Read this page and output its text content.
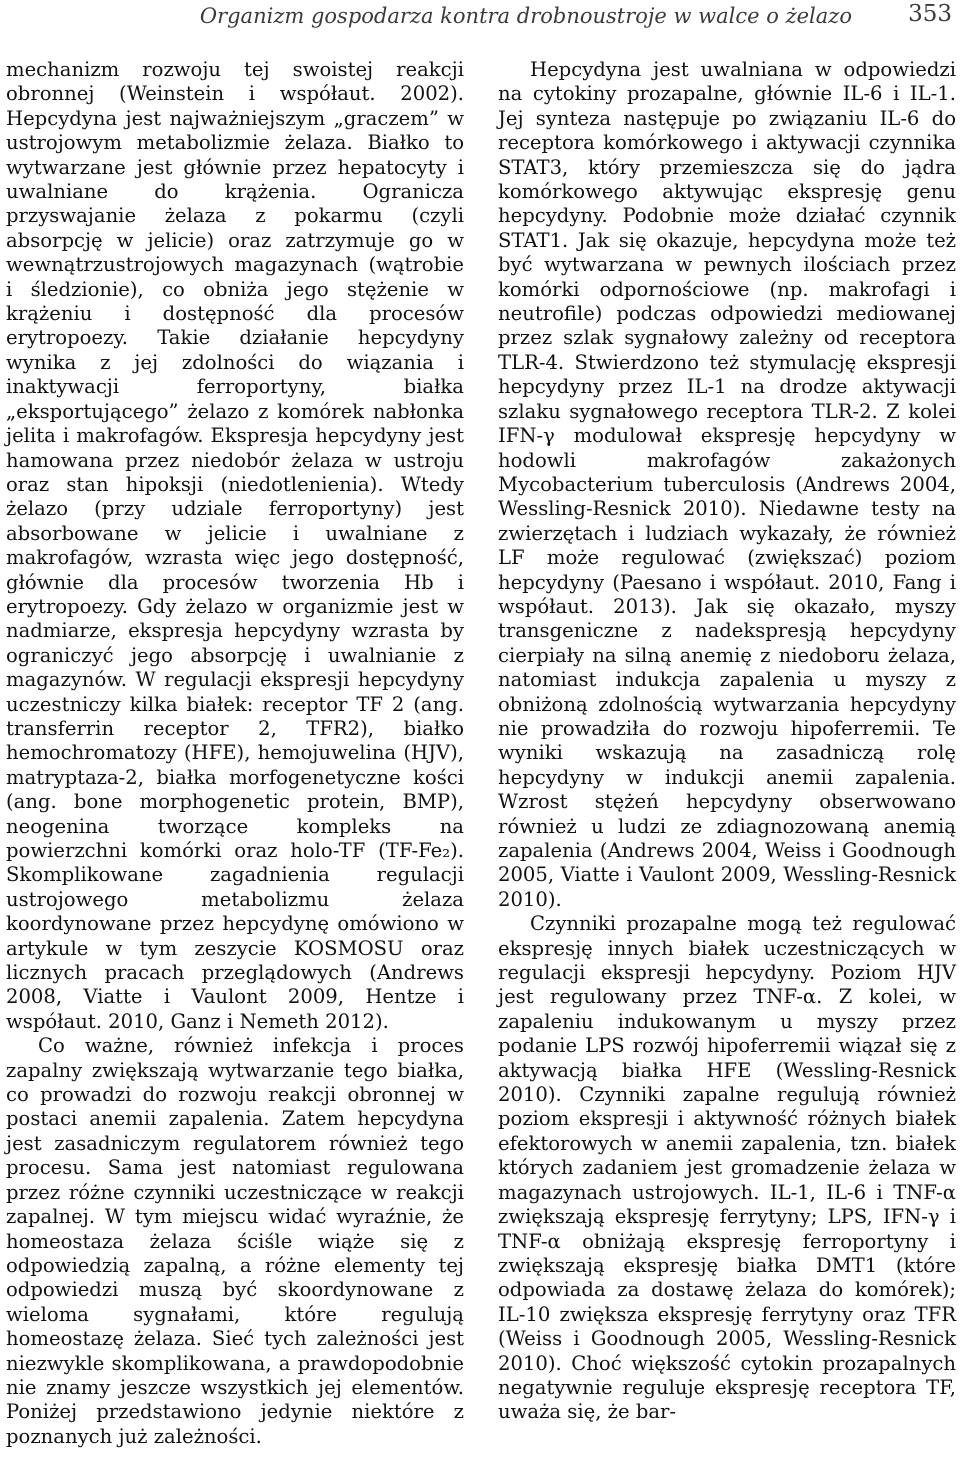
Organizm gospodarza kontra drobnoustroje w walce o żelazo 353

mechanizm rozwoju tej swoistej reakcji obronnej (Weinstein i współaut. 2002). Hepcydyna jest najważniejszym „graczem” w ustrojowym metabolizmie żelaza. Białko to wytwarzane jest głównie przez hepatocyty i uwalniane do krążenia. Ogranicza przyswajanie żelaza z pokarmu (czyli absorpcję w jelicie) oraz zatrzymuje go w wewnątrzustrojowych magazynach (wątrobie i śledzionie), co obniża jego stężenie w krążeniu i dostępność dla procesów erytropoezy. Takie działanie hepcydyny wynika z jej zdolności do wiązania i inaktywacji ferroportyny, białka „eksportującego” żelazo z komórek nabłonka jelita i makrofagów. Ekspresja hepcydyny jest hamowana przez niedobór żelaza w ustroju oraz stan hipoksji (niedotlenienia). Wtedy żelazo (przy udziale ferroportyny) jest absorbowane w jelicie i uwalniane z makrofagów, wzrasta więc jego dostępność, głównie dla procesów tworzenia Hb i erytropoezy. Gdy żelazo w organizmie jest w nadmiarze, ekspresja hepcydyny wzrasta by ograniczyć jego absorpcję i uwalnianie z magazynów. W regulacji ekspresji hepcydyny uczestniczy kilka białek: receptor TF 2 (ang. transferrin receptor 2, TFR2), białko hemochromatozy (HFE), hemojuwelina (HJV), matryptaza-2, białka morfogenetyczne kości (ang. bone morphogenetic protein, BMP), neogenina tworzące kompleks na powierzchni komórki oraz holo-TF (TF-Fe₂). Skomplikowane zagadnienia regulacji ustrojowego metabolizmu żelaza koordynowane przez hepcydynę omówiono w artykule w tym zeszycie KOSMOSU oraz licznych pracach przeglądowych (Andrews 2008, Viatte i Vaulont 2009, Hentze i współaut. 2010, Ganz i Nemeth 2012).

Co ważne, również infekcja i proces zapalny zwiększają wytwarzanie tego białka, co prowadzi do rozwoju reakcji obronnej w postaci anemii zapalenia. Zatem hepcydyna jest zasadniczym regulatorem również tego procesu. Sama jest natomiast regulowana przez różne czynniki uczestniczące w reakcji zapalnej. W tym miejscu widać wyraźnie, że homeostaza żelaza ściśle wiąże się z odpowiedzią zapalną, a różne elementy tej odpowiedzi muszą być skoordynowane z wieloma sygnałami, które regulują homeostazę żelaza. Sieć tych zależności jest niezwykle skomplikowana, a prawdopodobnie nie znamy jeszcze wszystkich jej elementów. Poniżej przedstawiono jedynie niektóre z poznanych już zależności.

Hepcydyna jest uwalniana w odpowiedzi na cytokiny prozapalne, głównie IL-6 i IL-1. Jej synteza następuje po związaniu IL-6 do receptora komórkowego i aktywacji czynnika STAT3, który przemieszcza się do jądra komórkowego aktywując ekspresję genu hepcydyny. Podobnie może działać czynnik STAT1. Jak się okazuje, hepcydyna może też być wytwarzana w pewnych ilościach przez komórki odpornościowe (np. makrofagi i neutrofile) podczas odpowiedzi mediowanej przez szlak sygnałowy zależny od receptora TLR-4. Stwierdzono też stymulację ekspresji hepcydyny przez IL-1 na drodze aktywacji szlaku sygnałowego receptora TLR-2. Z kolei IFN-γ modulował ekspresję hepcydyny w hodowli makrofagów zakażonych Mycobacterium tuberculosis (Andrews 2004, Wessling-Resnick 2010). Niedawne testy na zwierzętach i ludziach wykazały, że również LF może regulować (zwiększać) poziom hepcydyny (Paesano i współaut. 2010, Fang i współaut. 2013). Jak się okazało, myszy transgeniczne z nadekspresją hepcydyny cierpiały na silną anemię z niedoboru żelaza, natomiast indukcja zapalenia u myszy z obniżoną zdolnością wytwarzania hepcydyny nie prowadziła do rozwoju hipoferremii. Te wyniki wskazują na zasadniczą rolę hepcydyny w indukcji anemii zapalenia. Wzrost stężeń hepcydyny obserwowano również u ludzi ze zdiagnozowaną anemią zapalenia (Andrews 2004, Weiss i Goodnough 2005, Viatte i Vaulont 2009, Wessling-Resnick 2010).

Czynniki prozapalne mogą też regulować ekspresję innych białek uczestniczących w regulacji ekspresji hepcydyny. Poziom HJV jest regulowany przez TNF-α. Z kolei, w zapaleniu indukowanym u myszy przez podanie LPS rozwój hipoferremii wiązał się z aktywacją białka HFE (Wessling-Resnick 2010). Czynniki zapalne regulują również poziom ekspresji i aktywność różnych białek efektorowych w anemii zapalenia, tzn. białek których zadaniem jest gromadzenie żelaza w magazynach ustrojowych. IL-1, IL-6 i TNF-α zwiększają ekspresję ferrytyny; LPS, IFN-γ i TNF-α obniżają ekspresję ferroportyny i zwiększają ekspresję białka DMT1 (które odpowiada za dostawę żelaza do komórek); IL-10 zwiększa ekspresję ferrytyny oraz TFR (Weiss i Goodnough 2005, Wessling-Resnick 2010). Choć większość cytokin prozapalnych negatywnie reguluje ekspresję receptora TF, uważa się, że bar-
